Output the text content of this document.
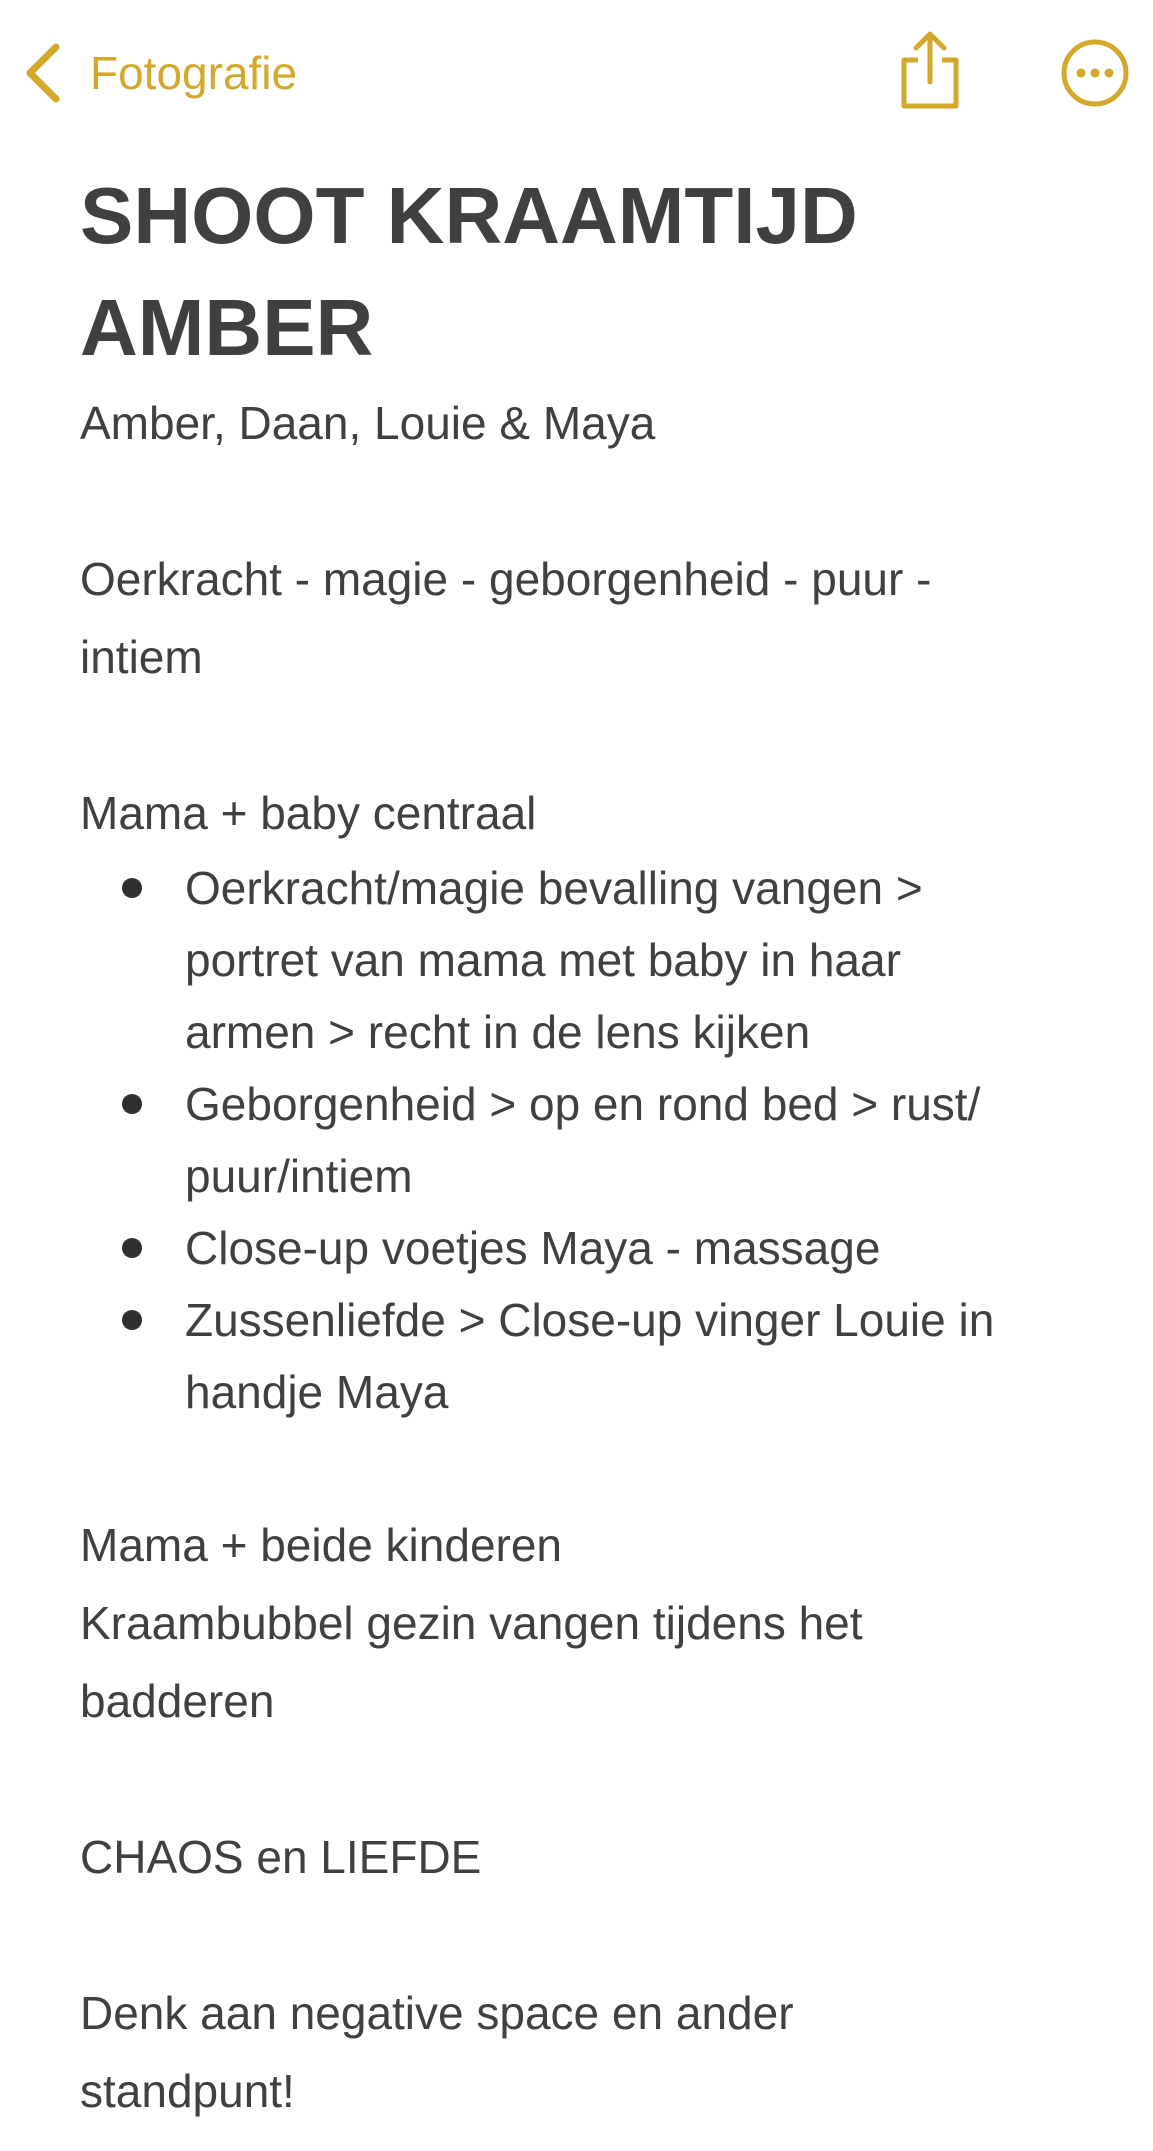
Fotografie
SHOOT KRAAMTIJD
AMBER

Amber, Daan, Louie & Maya

Oerkracht - magie - geborgenheid - puur -

intiem

Mama + baby centraal

Oerkracht/magie bevalling vangen >
portret van mama met baby in haar
armen > recht in de lens kijken
Geborgenheid > op en rond bed > rust/
puur/intiem
Close-up voetjes Maya - massage
Zussenliefde > Close-up vinger Louie in
handje Maya

Mama + beide kinderen

Kraambubbel gezin vangen tijdens het

badderen

CHAOS en LIEFDE

Denk aan negative space en ander

standpunt!
